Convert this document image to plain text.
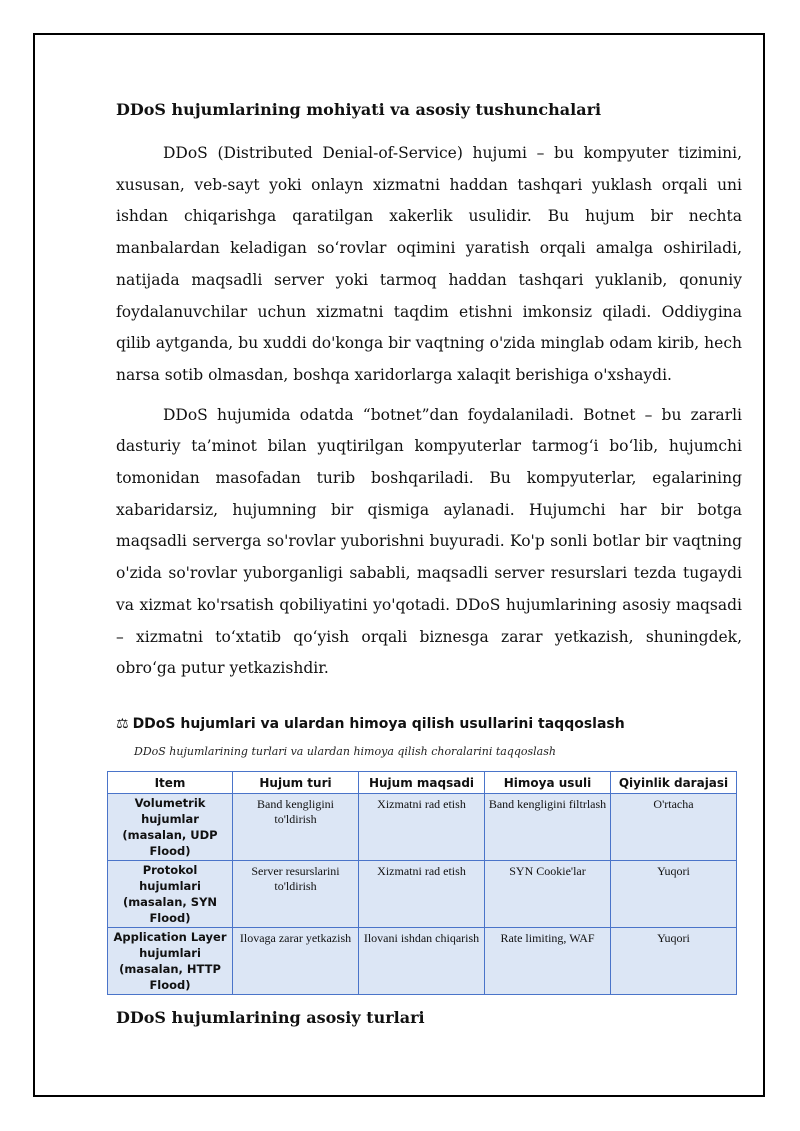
DDoS hujumlarining mohiyati va asosiy tushunchalari

DDoS (Distributed Denial-of-Service) hujumi – bu kompyuter tizimini, xususan, veb-sayt yoki onlayn xizmatni haddan tashqari yuklash orqali uni ishdan chiqarishga qaratilgan xakerlik usulidir. Bu hujum bir nechta manbalardan keladigan so‘rovlar oqimini yaratish orqali amalga oshiriladi, natijada maqsadli server yoki tarmoq haddan tashqari yuklanib, qonuniy foydalanuvchilar uchun xizmatni taqdim etishni imkonsiz qiladi. Oddiygina qilib aytganda, bu xuddi do'konga bir vaqtning o'zida minglab odam kirib, hech narsa sotib olmasdan, boshqa xaridorlarga xalaqit berishiga o'xshaydi.

DDoS hujumida odatda “botnet”dan foydalaniladi. Botnet – bu zararli dasturiy ta’minot bilan yuqtirilgan kompyuterlar tarmog‘i bo‘lib, hujumchi tomonidan masofadan turib boshqariladi. Bu kompyuterlar, egalarining xabaridarsiz, hujumning bir qismiga aylanadi. Hujumchi har bir botga maqsadli serverga so'rovlar yuborishni buyuradi. Ko'p sonli botlar bir vaqtning o'zida so'rovlar yuborganligi sababli, maqsadli server resurslari tezda tugaydi va xizmat ko'rsatish qobiliyatini yo'qotadi. DDoS hujumlarining asosiy maqsadi – xizmatni to‘xtatib qo‘yish orqali biznesga zarar yetkazish, shuningdek, obro‘ga putur yetkazishdir.

⚖ DDoS hujumlari va ulardan himoya qilish usullarini taqqoslash
DDoS hujumlarining turlari va ulardan himoya qilish choralarini taqqoslash
Item	Hujum turi	Hujum maqsadi	Himoya usuli	Qiyinlik darajasi
Volumetrik hujumlar (masalan, UDP Flood)	Band kengligini to'ldirish	Xizmatni rad etish	Band kengligini filtrlash	O'rtacha
Protokol hujumlari (masalan, SYN Flood)	Server resurslarini to'ldirish	Xizmatni rad etish	SYN Cookie'lar	Yuqori
Application Layer hujumlari (masalan, HTTP Flood)	Ilovaga zarar yetkazish	Ilovani ishdan chiqarish	Rate limiting, WAF	Yuqori
DDoS hujumlarining asosiy turlari
